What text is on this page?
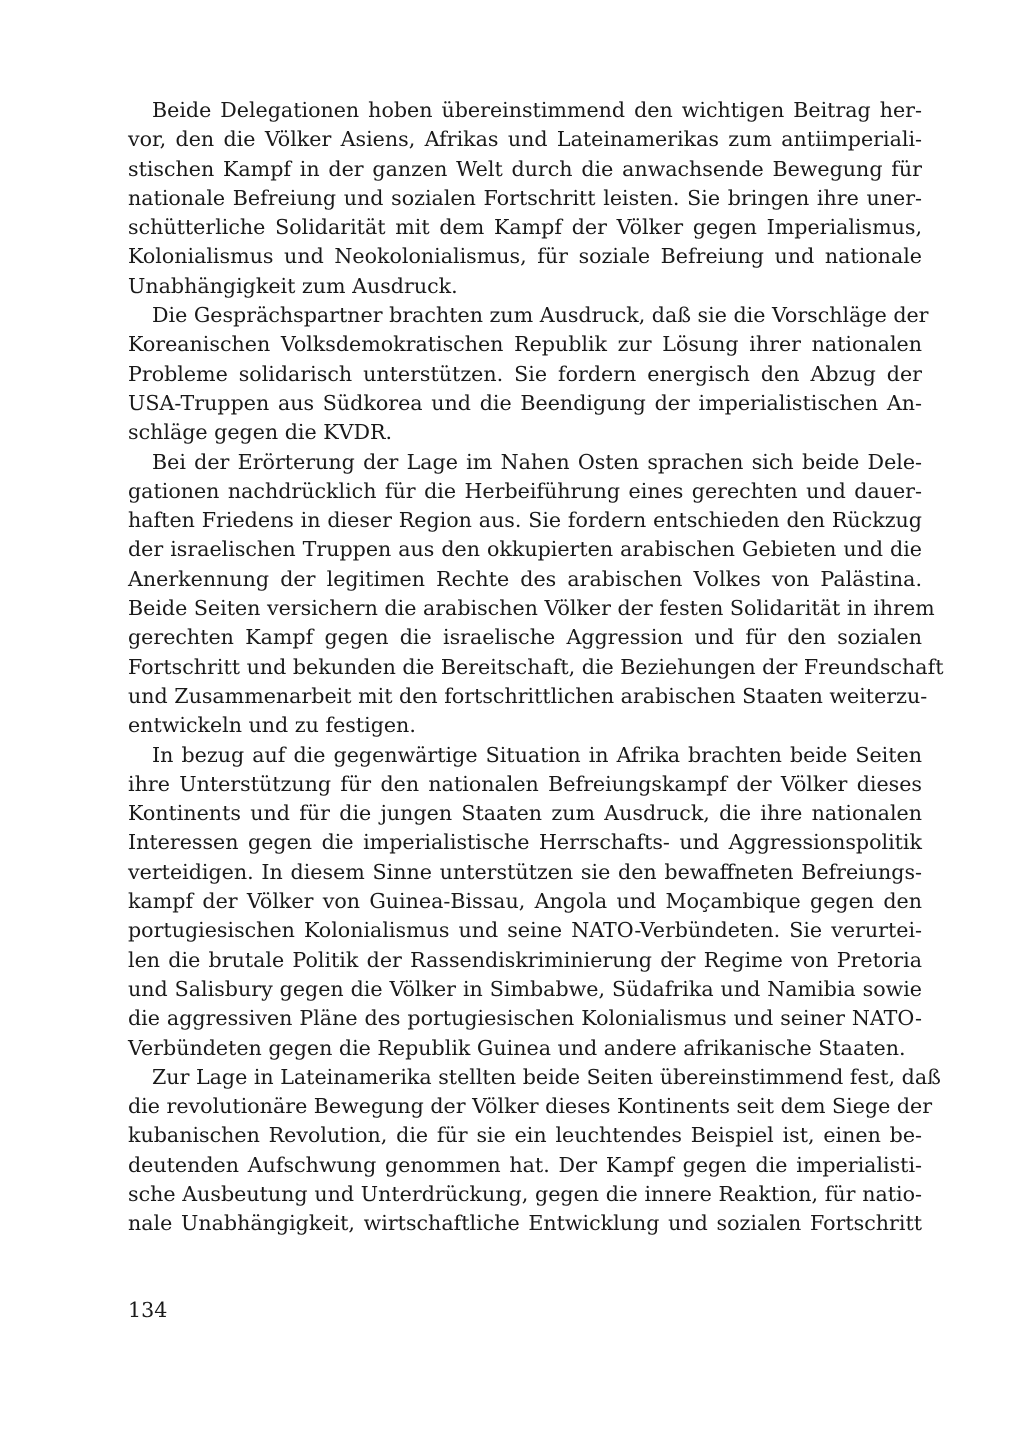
Beide Delegationen hoben übereinstimmend den wichtigen Beitrag her-
vor, den die Völker Asiens, Afrikas und Lateinamerikas zum antiimperiali-
stischen Kampf in der ganzen Welt durch die anwachsende Bewegung für
nationale Befreiung und sozialen Fortschritt leisten. Sie bringen ihre uner-
schütterliche Solidarität mit dem Kampf der Völker gegen Imperialismus,
Kolonialismus und Neokolonialismus, für soziale Befreiung und nationale
Unabhängigkeit zum Ausdruck.
Die Gesprächspartner brachten zum Ausdruck, daß sie die Vorschläge der
Koreanischen Volksdemokratischen Republik zur Lösung ihrer nationalen
Probleme solidarisch unterstützen. Sie fordern energisch den Abzug der
USA-Truppen aus Südkorea und die Beendigung der imperialistischen An-
schläge gegen die KVDR.
Bei der Erörterung der Lage im Nahen Osten sprachen sich beide Dele-
gationen nachdrücklich für die Herbeiführung eines gerechten und dauer-
haften Friedens in dieser Region aus. Sie fordern entschieden den Rückzug
der israelischen Truppen aus den okkupierten arabischen Gebieten und die
Anerkennung der legitimen Rechte des arabischen Volkes von Palästina.
Beide Seiten versichern die arabischen Völker der festen Solidarität in ihrem
gerechten Kampf gegen die israelische Aggression und für den sozialen
Fortschritt und bekunden die Bereitschaft, die Beziehungen der Freundschaft
und Zusammenarbeit mit den fortschrittlichen arabischen Staaten weiterzu-
entwickeln und zu festigen.
In bezug auf die gegenwärtige Situation in Afrika brachten beide Seiten
ihre Unterstützung für den nationalen Befreiungskampf der Völker dieses
Kontinents und für die jungen Staaten zum Ausdruck, die ihre nationalen
Interessen gegen die imperialistische Herrschafts- und Aggressionspolitik
verteidigen. In diesem Sinne unterstützen sie den bewaffneten Befreiungs-
kampf der Völker von Guinea-Bissau, Angola und Moçambique gegen den
portugiesischen Kolonialismus und seine NATO-Verbündeten. Sie verurtei-
len die brutale Politik der Rassendiskriminierung der Regime von Pretoria
und Salisbury gegen die Völker in Simbabwe, Südafrika und Namibia sowie
die aggressiven Pläne des portugiesischen Kolonialismus und seiner NATO-
Verbündeten gegen die Republik Guinea und andere afrikanische Staaten.
Zur Lage in Lateinamerika stellten beide Seiten übereinstimmend fest, daß
die revolutionäre Bewegung der Völker dieses Kontinents seit dem Siege der
kubanischen Revolution, die für sie ein leuchtendes Beispiel ist, einen be-
deutenden Aufschwung genommen hat. Der Kampf gegen die imperialisti-
sche Ausbeutung und Unterdrückung, gegen die innere Reaktion, für natio-
nale Unabhängigkeit, wirtschaftliche Entwicklung und sozialen Fortschritt
134
